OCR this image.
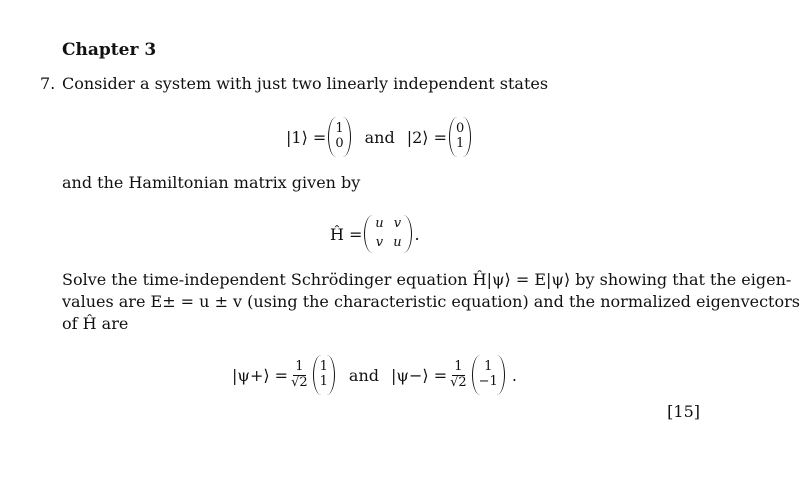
Chapter 3
7. Consider a system with just two linearly independent states
|1⟩ = 1
0 and |2⟩ = 0
1
and the Hamiltonian matrix given by
Ĥ =
u v
v u .
Solve the time-independent Schrödinger equation Ĥ|ψ⟩ = E|ψ⟩ by showing that the eigen-
values are E± = u ± v (using the characteristic equation) and the normalized eigenvectors
of Ĥ are
|ψ+⟩ = $\frac{1}{√2} 1$
1 and |ψ−⟩ = $\frac{1}{√2} 1$
−1 .
[15]
